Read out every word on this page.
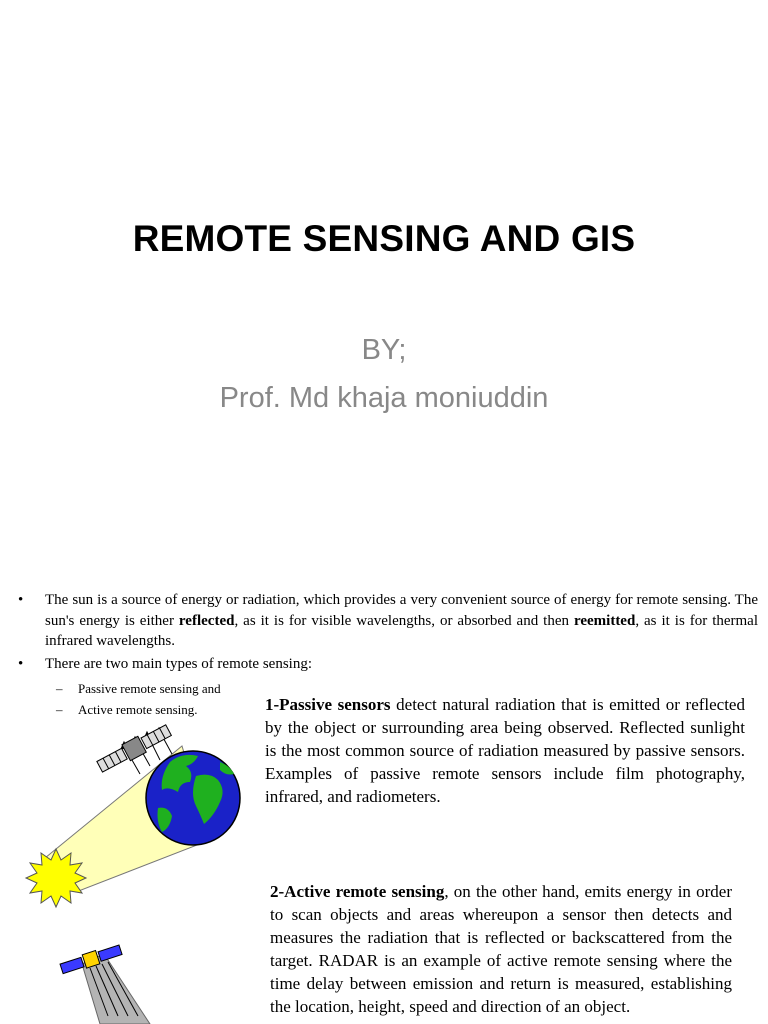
REMOTE SENSING AND GIS
BY;
Prof. Md khaja moniuddin
• The sun is a source of energy or radiation, which provides a very convenient source of energy for remote sensing. The sun's energy is either reflected, as it is for visible wavelengths, or absorbed and then reemitted, as it is for thermal infrared wavelengths.
• There are two main types of remote sensing:
– Passive remote sensing and
– Active remote sensing.	1-Passive sensors detect natural radiation that is emitted or reflected by the object or surrounding area being observed. Reflected sunlight is the most common source of radiation measured by passive sensors. Examples of passive remote sensors include film photography, infrared, and radiometers.
2-Active remote sensing, on the other hand, emits energy in order to scan objects and areas whereupon a sensor then detects and measures the radiation that is reflected or backscattered from the target. RADAR is an example of active remote sensing where the time delay between emission and return is measured, establishing the location, height, speed and direction of an object.
